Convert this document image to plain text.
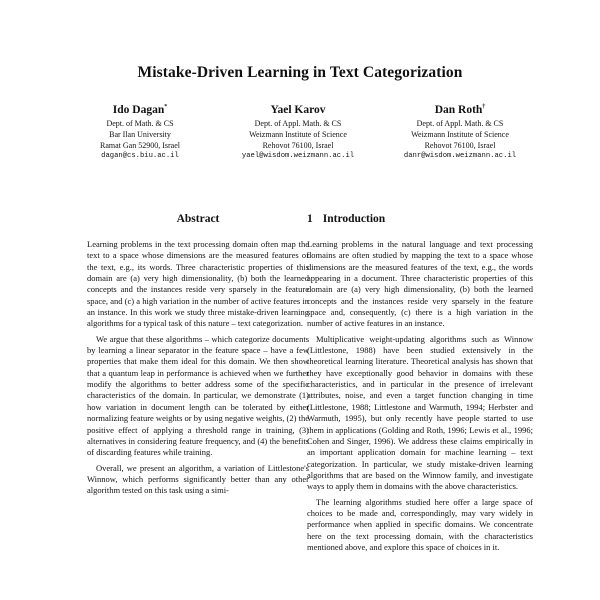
Mistake-Driven Learning in Text Categorization
Ido Dagan*
Dept. of Math. & CS
Bar Ilan University
Ramat Gan 52900, Israel
dagan@cs.biu.ac.il
Yael Karov
Dept. of Appl. Math. & CS
Weizmann Institute of Science
Rehovot 76100, Israel
yael@wisdom.weizmann.ac.il
Dan Roth†
Dept. of Appl. Math. & CS
Weizmann Institute of Science
Rehovot 76100, Israel
danr@wisdom.weizmann.ac.il
Abstract

Learning problems in the text processing domain often map the text to a space whose dimensions are the measured features of the text, e.g., its words. Three characteristic properties of this domain are (a) very high dimensionality, (b) both the learned concepts and the instances reside very sparsely in the feature space, and (c) a high variation in the number of active features in an instance. In this work we study three mistake-driven learning algorithms for a typical task of this nature – text categorization.

We argue that these algorithms – which categorize documents by learning a linear separator in the feature space – have a few properties that make them ideal for this domain. We then show that a quantum leap in performance is achieved when we further modify the algorithms to better address some of the specific characteristics of the domain. In particular, we demonstrate (1) how variation in document length can be tolerated by either normalizing feature weights or by using negative weights, (2) the positive effect of applying a threshold range in training, (3) alternatives in considering feature frequency, and (4) the benefits of discarding features while training.

Overall, we present an algorithm, a variation of Littlestone's Winnow, which performs significantly better than any other algorithm tested on this task using a simi-

1 Introduction

Learning problems in the natural language and text processing domains are often studied by mapping the text to a space whose dimensions are the measured features of the text, e.g., the words appearing in a document. Three characteristic properties of this domain are (a) very high dimensionality, (b) both the learned concepts and the instances reside very sparsely in the feature space and, consequently, (c) there is a high variation in the number of active features in an instance.

Multiplicative weight-updating algorithms such as Winnow (Littlestone, 1988) have been studied extensively in the theoretical learning literature. Theoretical analysis has shown that they have exceptionally good behavior in domains with these characteristics, and in particular in the presence of irrelevant attributes, noise, and even a target function changing in time (Littlestone, 1988; Littlestone and Warmuth, 1994; Herbster and Warmuth, 1995), but only recently have people started to use them in applications (Golding and Roth, 1996; Lewis et al., 1996; Cohen and Singer, 1996). We address these claims empirically in an important application domain for machine learning – text categorization. In particular, we study mistake-driven learning algorithms that are based on the Winnow family, and investigate ways to apply them in domains with the above characteristics.

The learning algorithms studied here offer a large space of choices to be made and, correspondingly, may vary widely in performance when applied in specific domains. We concentrate here on the text processing domain, with the characteristics mentioned above, and explore this space of choices in it.
